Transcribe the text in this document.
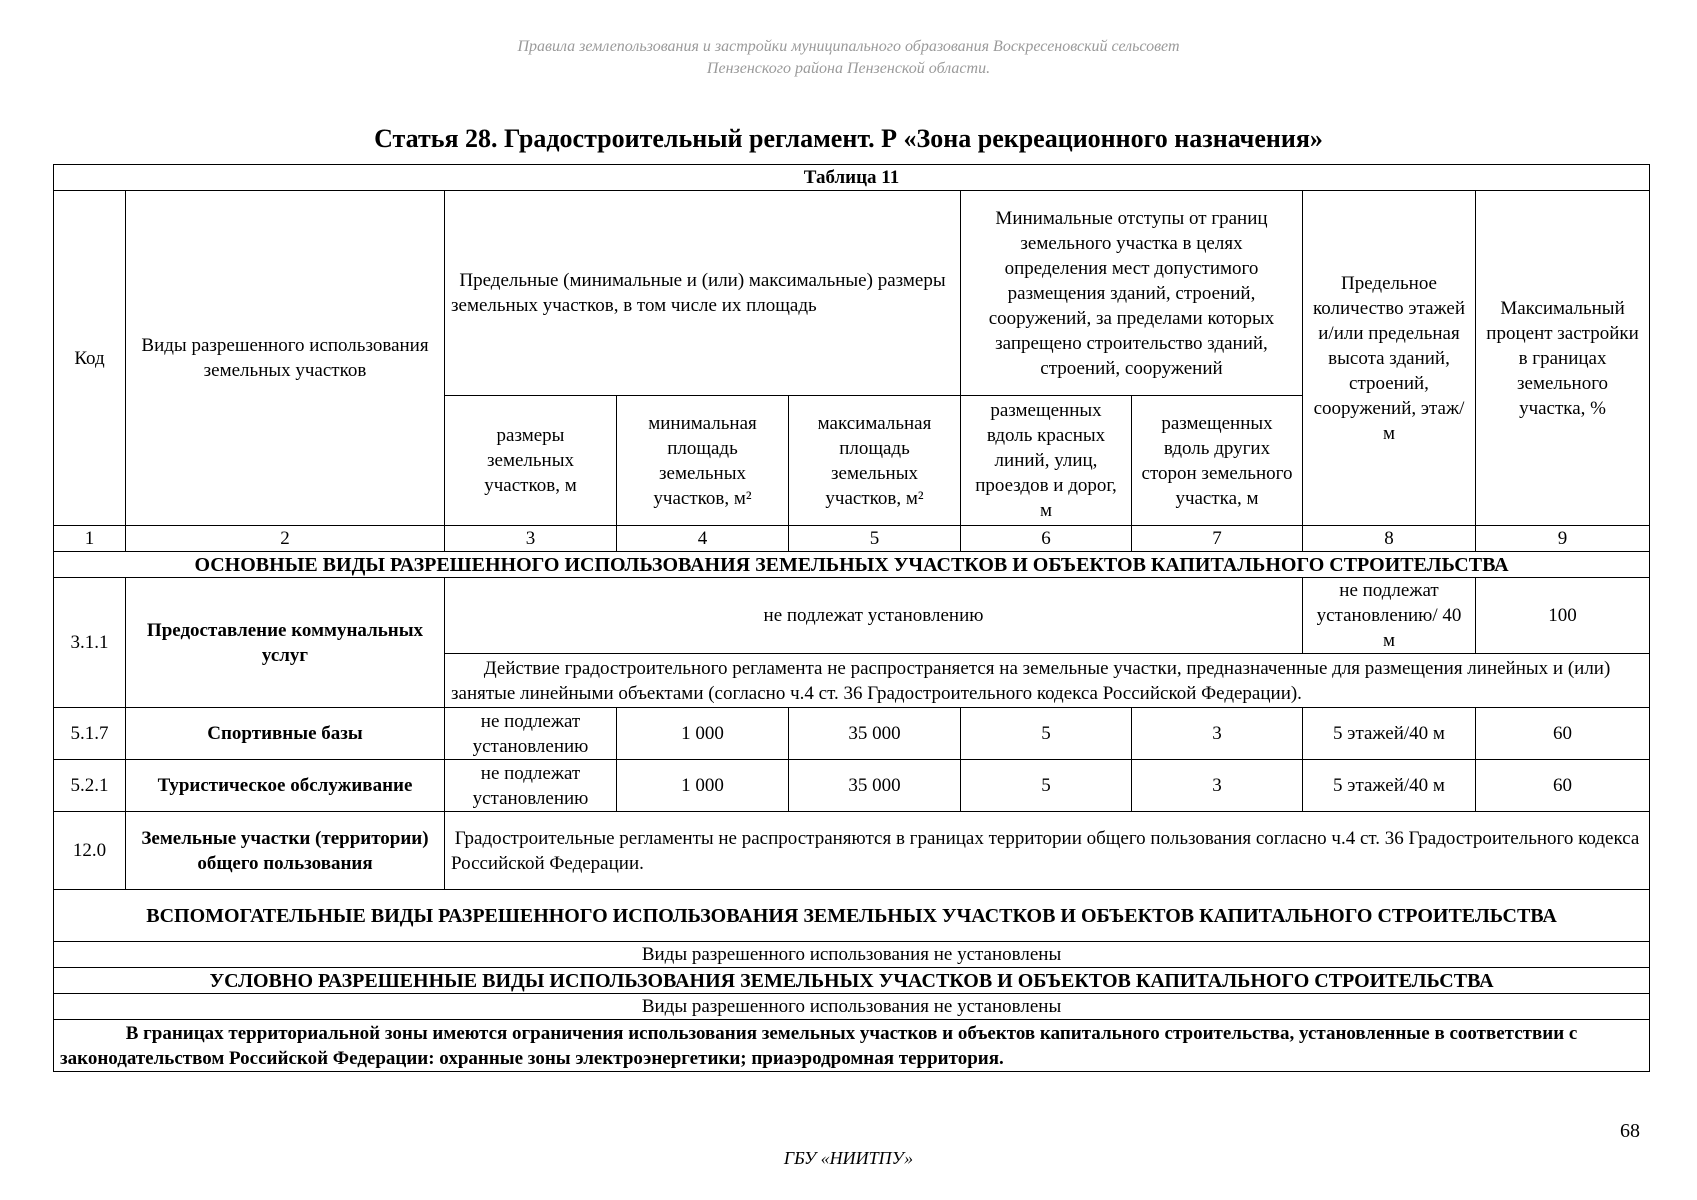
Правила землепользования и застройки муниципального образования Воскресеновский сельсовет
Пензенского района Пензенской области.
Статья 28. Градостроительный регламент. Р «Зона рекреационного назначения»
Таблица 11								
Код	Виды разрешенного использования земельных участков	Предельные (минимальные и (или) максимальные) размеры земельных участков, в том числе их площадь			Минимальные отступы от границ земельного участка в целях определения мест допустимого размещения зданий, строений, сооружений, за пределами которых запрещено строительство зданий, строений, сооружений		Предельное количество этажей и/или предельная высота зданий, строений, сооружений, этаж/м	Максимальный процент застройки в границах земельного участка, %
		размеры земельных участков, м	минимальная площадь земельных участков, м²	максимальная площадь земельных участков, м²	размещенных вдоль красных линий, улиц, проездов и дорог, м	размещенных вдоль других сторон земельного участка, м		
1	2	3	4	5	6	7	8	9
ОСНОВНЫЕ ВИДЫ РАЗРЕШЕННОГО ИСПОЛЬЗОВАНИЯ ЗЕМЕЛЬНЫХ УЧАСТКОВ И ОБЪЕКТОВ КАПИТАЛЬНОГО СТРОИТЕЛЬСТВА								
3.1.1	Предоставление коммунальных услуг	не подлежат установлению					не подлежат установлению/ 40 м	100
		Действие градостроительного регламента не распространяется на земельные участки, предназначенные для размещения линейных и (или) занятые линейными объектами (согласно ч.4 ст. 36 Градостроительного кодекса Российской Федерации).						
5.1.7	Спортивные базы	не подлежат установлению	1 000	35 000	5	3	5 этажей/40 м	60
5.2.1	Туристическое обслуживание	не подлежат установлению	1 000	35 000	5	3	5 этажей/40 м	60
12.0	Земельные участки (территории) общего пользования	Градостроительные регламенты не распространяются в границах территории общего пользования согласно ч.4 ст. 36 Градостроительного кодекса Российской Федерации.						
ВСПОМОГАТЕЛЬНЫЕ ВИДЫ РАЗРЕШЕННОГО ИСПОЛЬЗОВАНИЯ ЗЕМЕЛЬНЫХ УЧАСТКОВ И ОБЪЕКТОВ КАПИТАЛЬНОГО СТРОИТЕЛЬСТВА								
Виды разрешенного использования не установлены								
УСЛОВНО РАЗРЕШЕННЫЕ ВИДЫ ИСПОЛЬЗОВАНИЯ ЗЕМЕЛЬНЫХ УЧАСТКОВ И ОБЪЕКТОВ КАПИТАЛЬНОГО СТРОИТЕЛЬСТВА								
Виды разрешенного использования не установлены								
В границах территориальной зоны имеются ограничения использования земельных участков и объектов капитального строительства, установленные в соответствии с законодательством Российской Федерации: охранные зоны электроэнергетики; приаэродромная территория.								
68
ГБУ «НИИТПУ»
